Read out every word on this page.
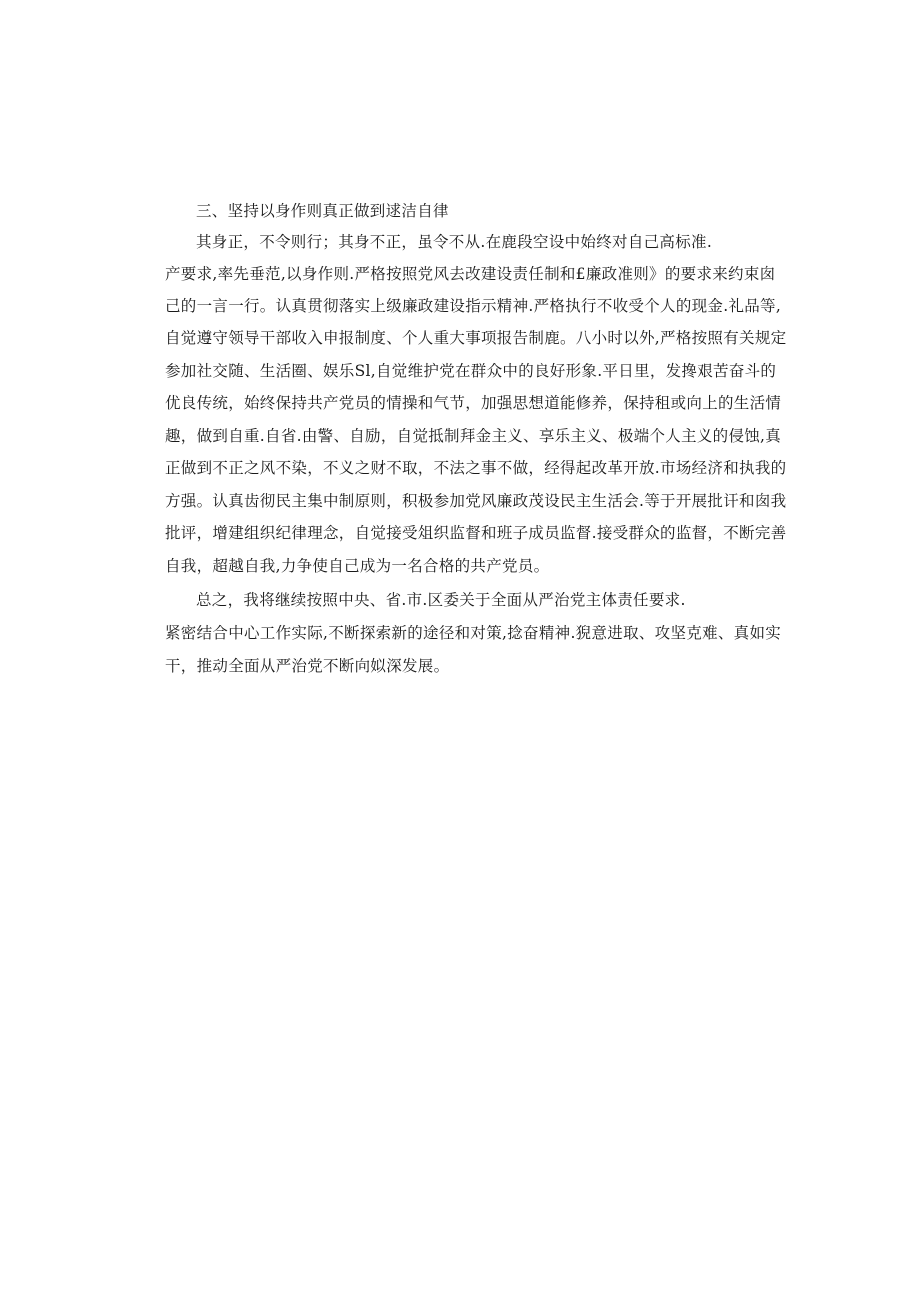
三、坚持以身作则真正做到逑洁自律
其身正，不令则行；其身不正，虽令不从.在鹿段空设中始终对自己高标准.
产要求,率先垂范,以身作则.严格按照党风去改建设责任制和£廉政准则》的要求来约束囱
己的一言一行。认真贯彻落实上级廉政建设指示精神.严格执行不收受个人的现金.礼品等,
自觉遵守领导干部收入申报制度、个人重大事项报告制鹿。八小时以外,严格按照有关规定
参加社交随、生活圈、娱乐Sl,自觉维护党在群众中的良好形象.平日里，发搀艰苦奋斗的
优良传统，始终保持共产党员的情操和气节，加强思想道能修养，保持租或向上的生活情
趣，做到自重.自省.由警、自励，自觉抵制拜金主义、享乐主义、极端个人主义的侵蚀,真
正做到不正之风不染，不义之财不取，不法之事不做，经得起改革开放.市场经济和执我的
方强。认真齿彻民主集中制原则，积极参加党风廉政茂设民主生活会.等于开展批讦和囱我
批评，增建组织纪律理念，自觉接受俎织监督和班子成员监督.接受群众的监督，不断完善
自我，超越自我,力争使自己成为一名合格的共产党员。
总之，我将继续按照中央、省.市.区委关于全面从严治党主体责任要求.
紧密结合中心工作实际,不断探索新的途径和对策,捻奋精神.猊意进取、攻坚克难、真如实
干，推动全面从严治党不断向姒深发展。
